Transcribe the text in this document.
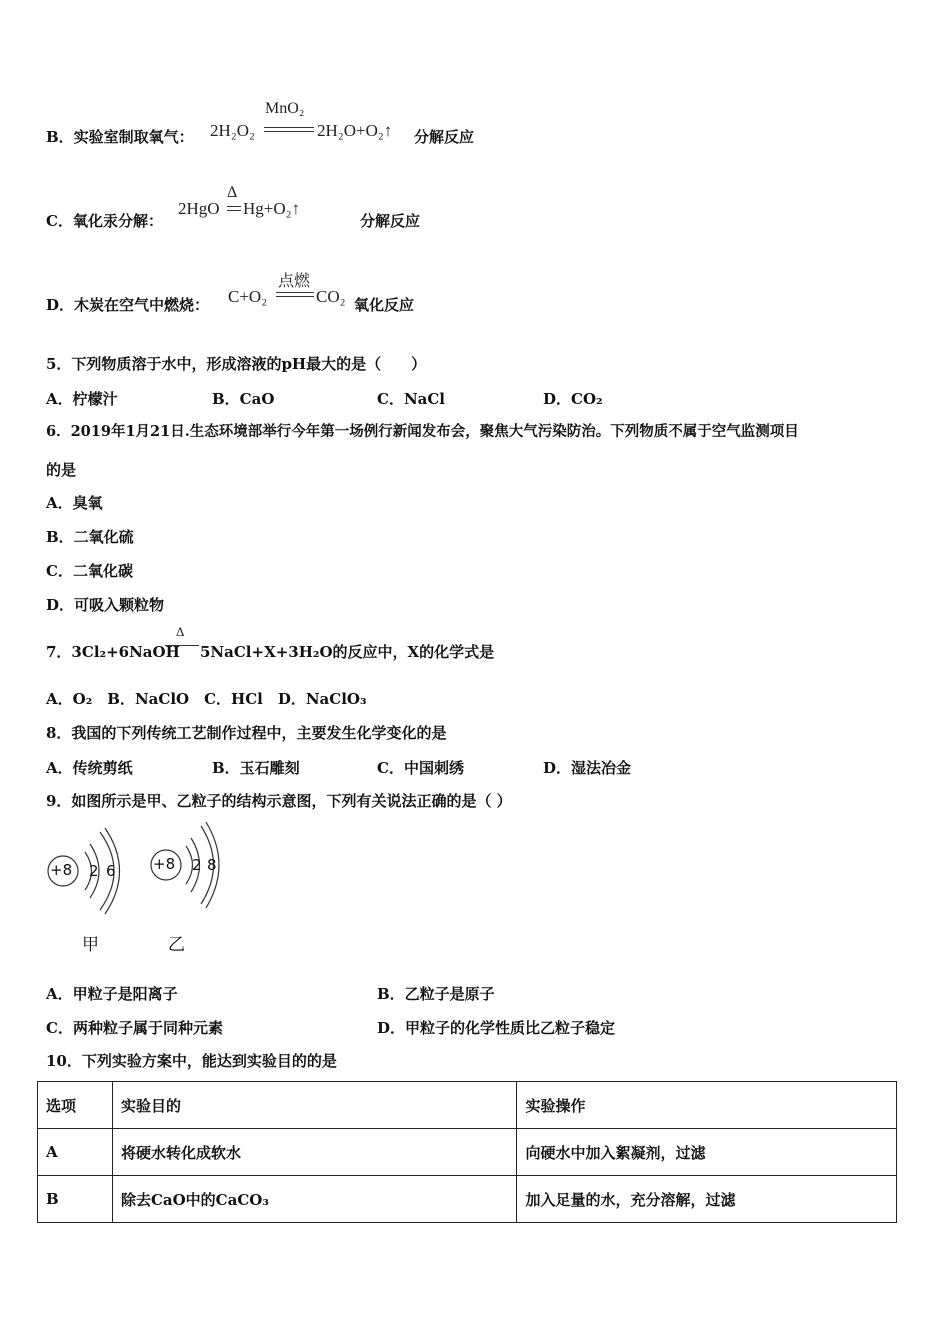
B．实验室制取氧气： 2H₂O₂
MnO₂
2H₂O+O₂↑ 分解反应
C．氧化汞分解：
2HgO
Δ
Hg+O₂↑
分解反应
D．木炭在空气中燃烧： C+O₂
点燃
CO₂ 氧化反应
5．下列物质溶于水中，形成溶液的pH最大的是（　　）
A．柠檬汁	B．CaO	C．NaCl	D．CO₂
6．2019年1月21日.生态环境部举行今年第一场例行新闻发布会，聚焦大气污染防治。下列物质不属于空气监测项目
的是
A．臭氧
B．二氧化硫
C．二氧化碳
D．可吸入颗粒物
7．3Cl₂+6NaOH
Δ
5NaCl+X+3H₂O的反应中，X的化学式是
A．O₂　B．NaClO　C．HCl　D．NaClO₃
8．我国的下列传统工艺制作过程中，主要发生化学变化的是
A．传统剪纸	B．玉石雕刻	C．中国刺绣	D．湿法冶金
9．如图所示是甲、乙粒子的结构示意图，下列有关说法正确的是（ ）
+8 2 6
甲
+8 2 8
乙
A．甲粒子是阳离子	B．乙粒子是原子
C．两种粒子属于同种元素	D．甲粒子的化学性质比乙粒子稳定
10．下列实验方案中，能达到实验目的的是
选项	实验目的	实验操作
A	将硬水转化成软水	向硬水中加入絮凝剂，过滤
B	除去CaO中的CaCO₃	加入足量的水，充分溶解，过滤
